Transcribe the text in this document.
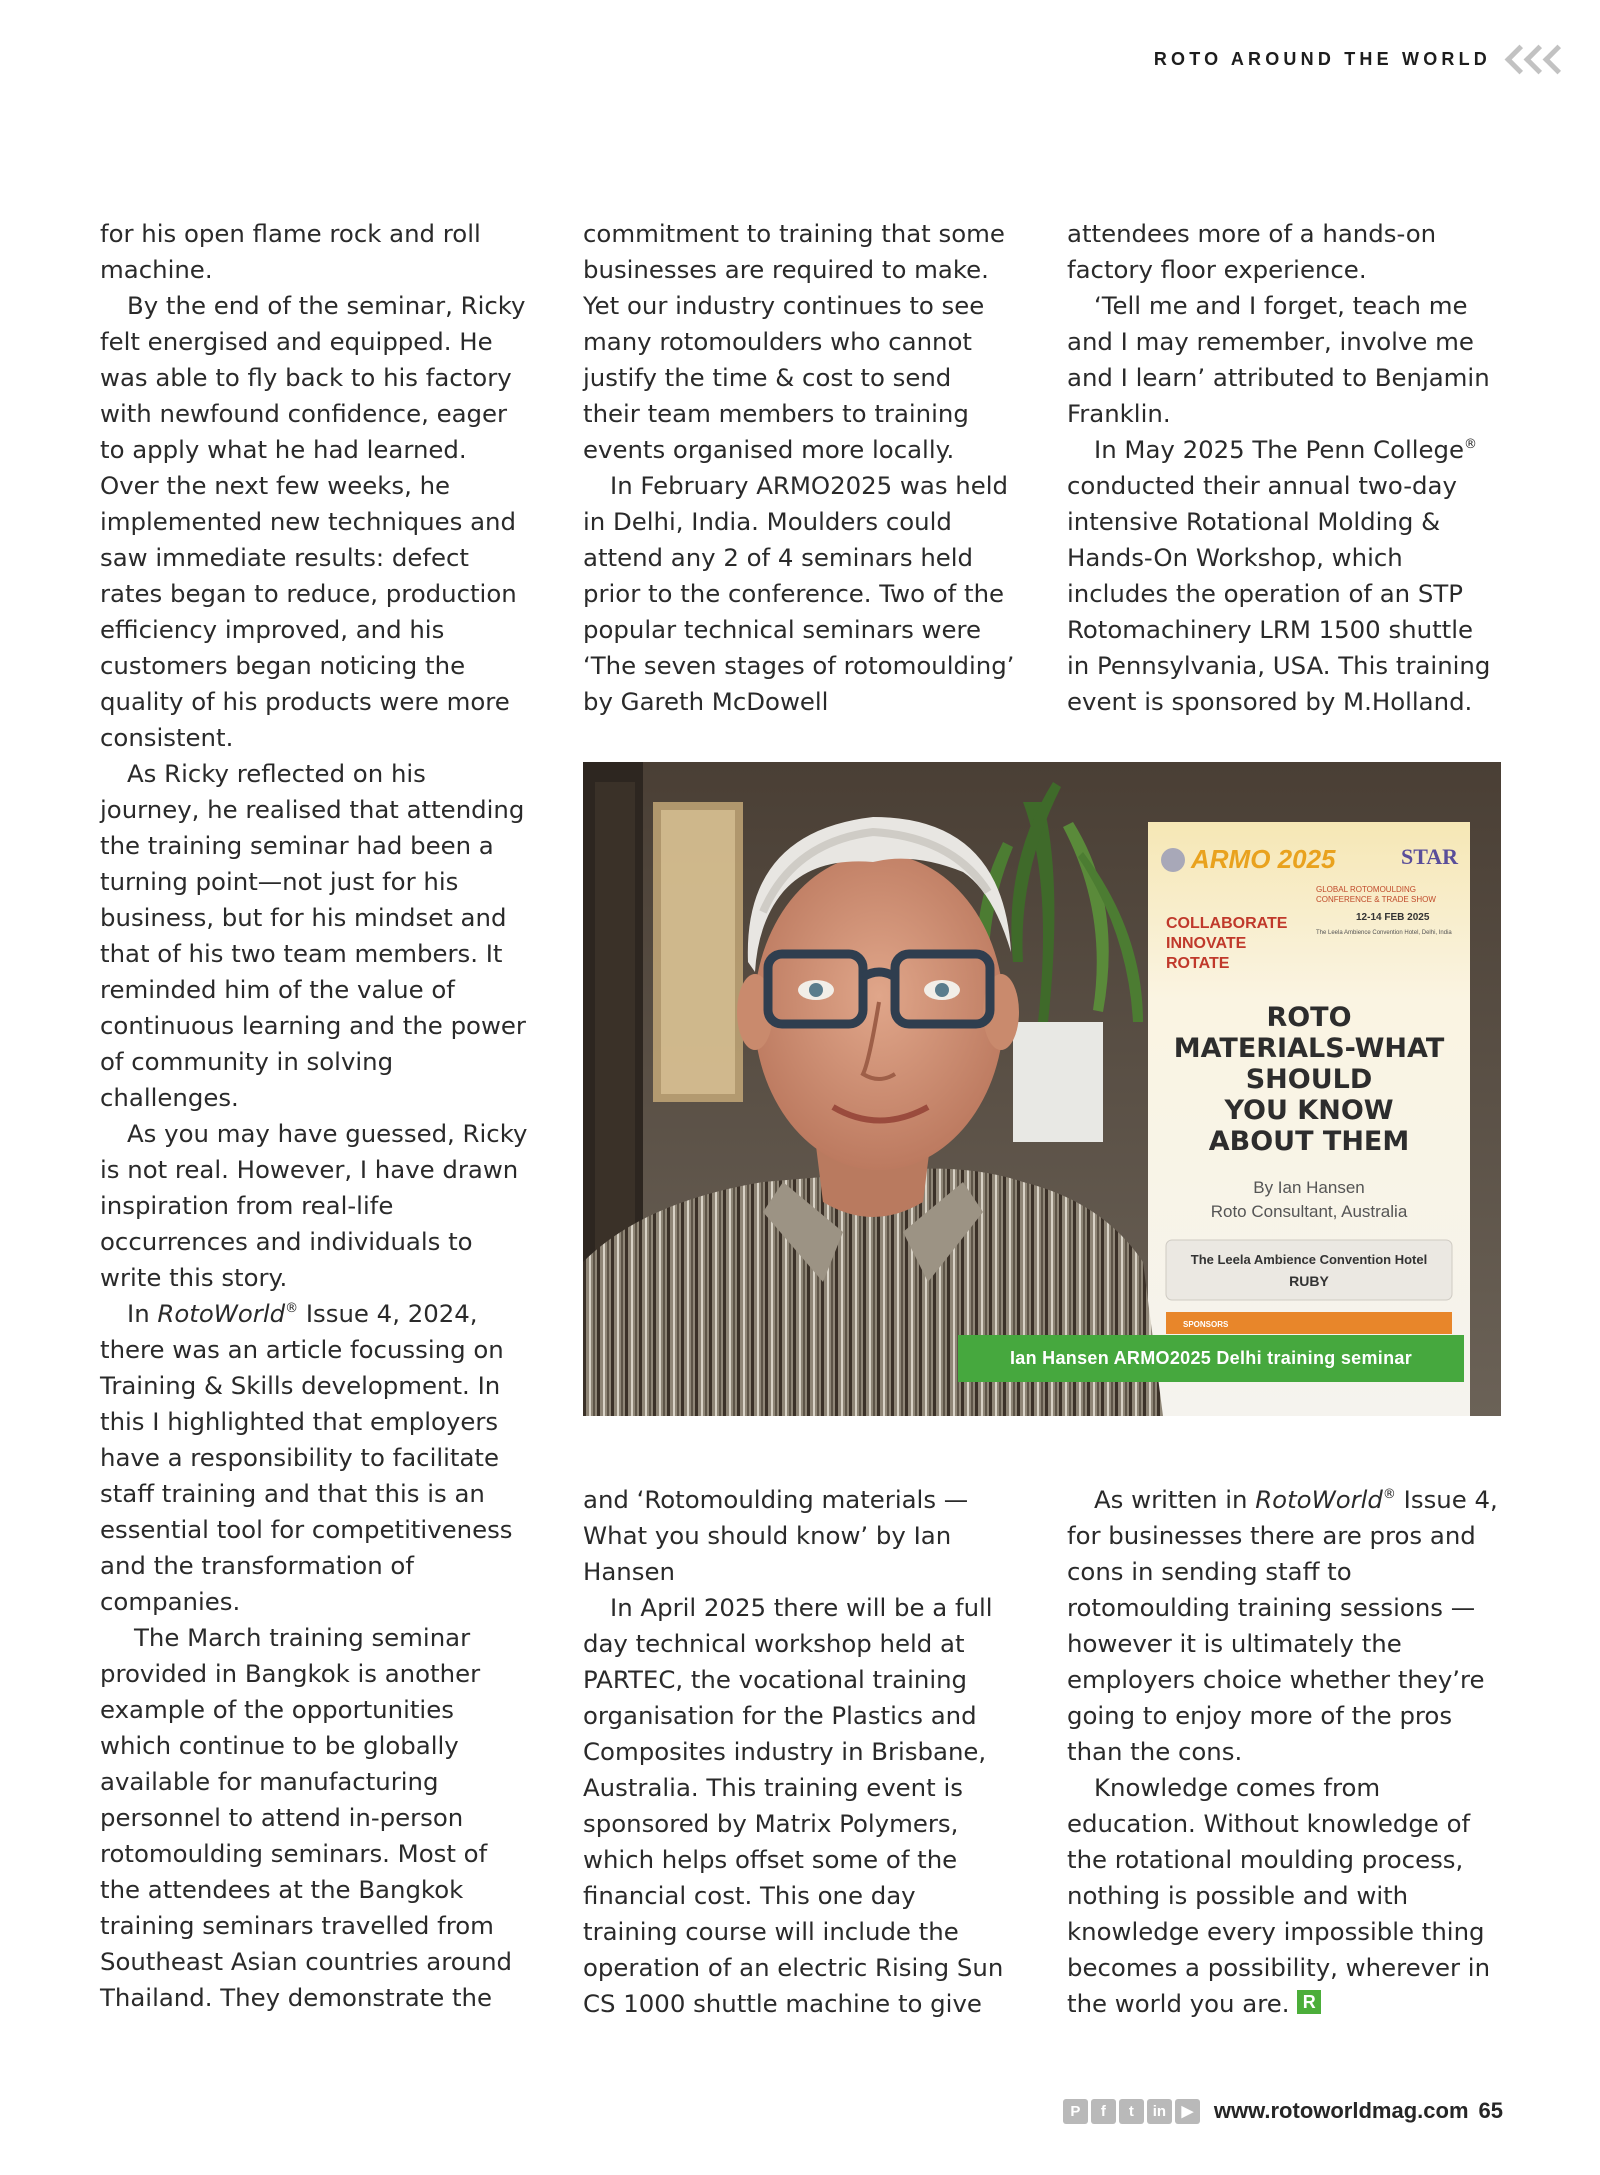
ROTO AROUND THE WORLD

for his open flame rock and roll machine.

By the end of the seminar, Ricky felt energised and equipped. He was able to fly back to his factory with newfound confidence, eager to apply what he had learned. Over the next few weeks, he implemented new techniques and saw immediate results: defect rates began to reduce, production efficiency improved, and his customers began noticing the quality of his products were more consistent.

As Ricky reflected on his journey, he realised that attending the training seminar had been a turning point—not just for his business, but for his mindset and that of his two team members. It reminded him of the value of continuous learning and the power of community in solving challenges.

As you may have guessed, Ricky is not real. However, I have drawn inspiration from real-life occurrences and individuals to write this story.

In RotoWorld® Issue 4, 2024, there was an article focussing on Training & Skills development. In this I highlighted that employers have a responsibility to facilitate staff training and that this is an essential tool for competitiveness and the transformation of companies.

The March training seminar provided in Bangkok is another example of the opportunities which continue to be globally available for manufacturing personnel to attend in-person rotomoulding seminars. Most of the attendees at the Bangkok training seminars travelled from Southeast Asian countries around Thailand. They demonstrate the

commitment to training that some businesses are required to make. Yet our industry continues to see many rotomoulders who cannot justify the time & cost to send their team members to training events organised more locally.

In February ARMO2025 was held in Delhi, India. Moulders could attend any 2 of 4 seminars held prior to the conference. Two of the popular technical seminars were ‘The seven stages of rotomoulding’ by Gareth McDowell

attendees more of a hands-on factory floor experience.

‘Tell me and I forget, teach me and I may remember, involve me and I learn’ attributed to Benjamin Franklin.

In May 2025 The Penn College® conducted their annual two-day intensive Rotational Molding & Hands-On Workshop, which includes the operation of an STP Rotomachinery LRM 1500 shuttle in Pennsylvania, USA. This training event is sponsored by M.Holland.

ARMO 2025	STAR
GLOBAL ROTOMOULDING
CONFERENCE & TRADE SHOW
12-14 FEB 2025
The Leela Ambience Convention Hotel, Delhi, India
COLLABORATE
INNOVATE
ROTATE
ROTO
MATERIALS-WHAT
SHOULD
YOU KNOW
ABOUT THEM
By Ian Hansen
Roto Consultant, Australia
The Leela Ambience Convention Hotel
RUBY
SPONSORS
Ian Hansen ARMO2025 Delhi training seminar

and ‘Rotomoulding materials — What you should know’ by Ian Hansen

In April 2025 there will be a full day technical workshop held at PARTEC, the vocational training organisation for the Plastics and Composites industry in Brisbane, Australia. This training event is sponsored by Matrix Polymers, which helps offset some of the financial cost. This one day training course will include the operation of an electric Rising Sun CS 1000 shuttle machine to give

As written in RotoWorld® Issue 4, for businesses there are pros and cons in sending staff to rotomoulding training sessions — however it is ultimately the employers choice whether they’re going to enjoy more of the pros than the cons.

Knowledge comes from education. Without knowledge of the rotational moulding process, nothing is possible and with knowledge every impossible thing becomes a possibility, wherever in the world you are. R

P	f	t	in	▶ www.rotoworldmag.com 65
